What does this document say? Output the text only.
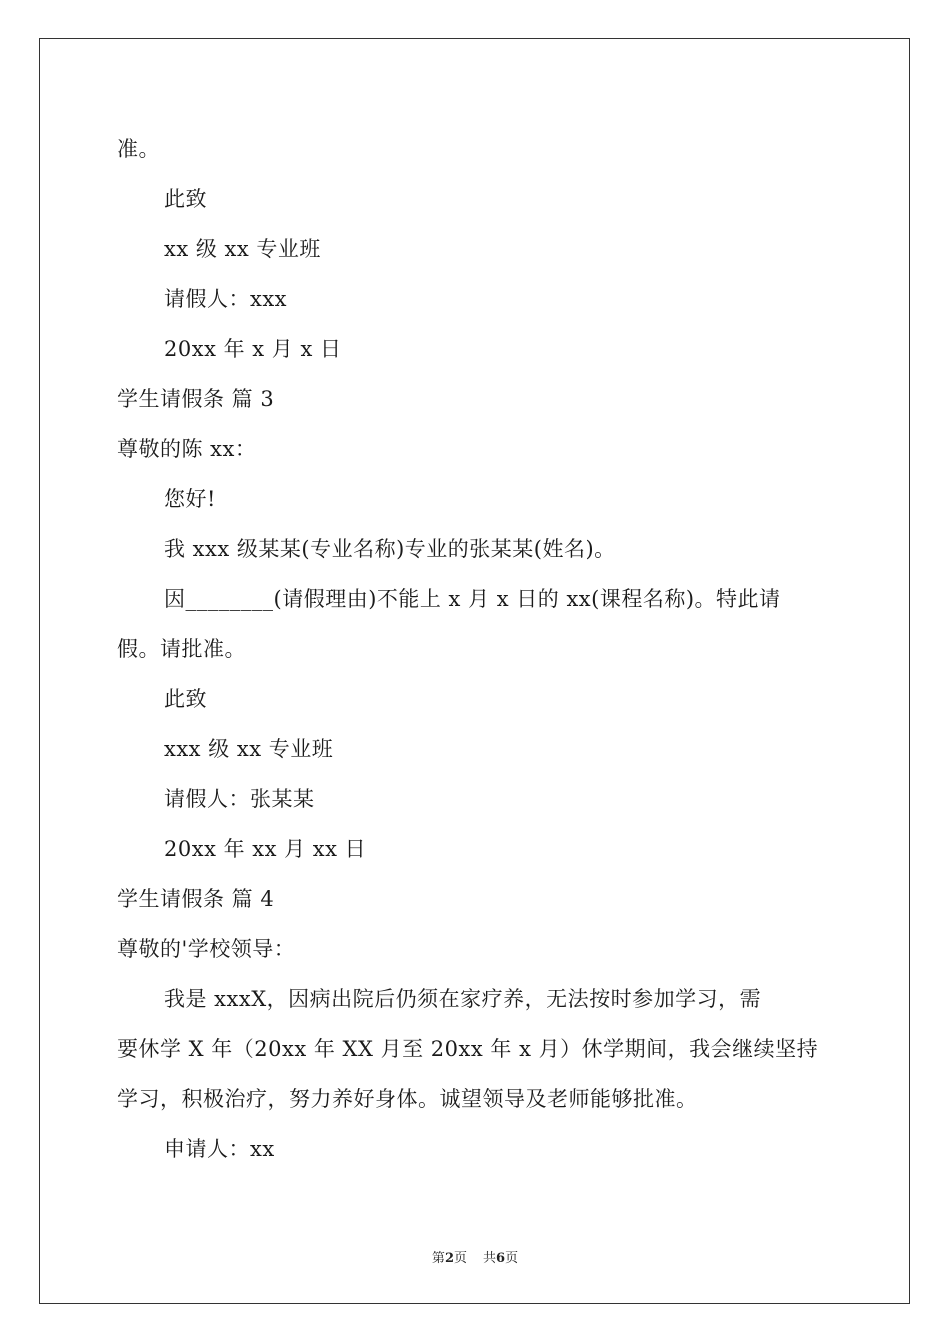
准。
此致
xx 级 xx 专业班
请假人：xxx
20xx 年 x 月 x 日
学生请假条 篇 3
尊敬的陈 xx：
您好!
我 xxx 级某某(专业名称)专业的张某某(姓名)。
因________(请假理由)不能上 x 月 x 日的 xx(课程名称)。特此请
假。请批准。
此致
xxx 级 xx 专业班
请假人：张某某
20xx 年 xx 月 xx 日
学生请假条 篇 4
尊敬的'学校领导：
我是 xxxX，因病出院后仍须在家疗养，无法按时参加学习，需
要休学 X 年（20xx 年 XX 月至 20xx 年 x 月）休学期间，我会继续坚持
学习，积极治疗，努力养好身体。诚望领导及老师能够批准。
申请人：xx
第2页 共6页
